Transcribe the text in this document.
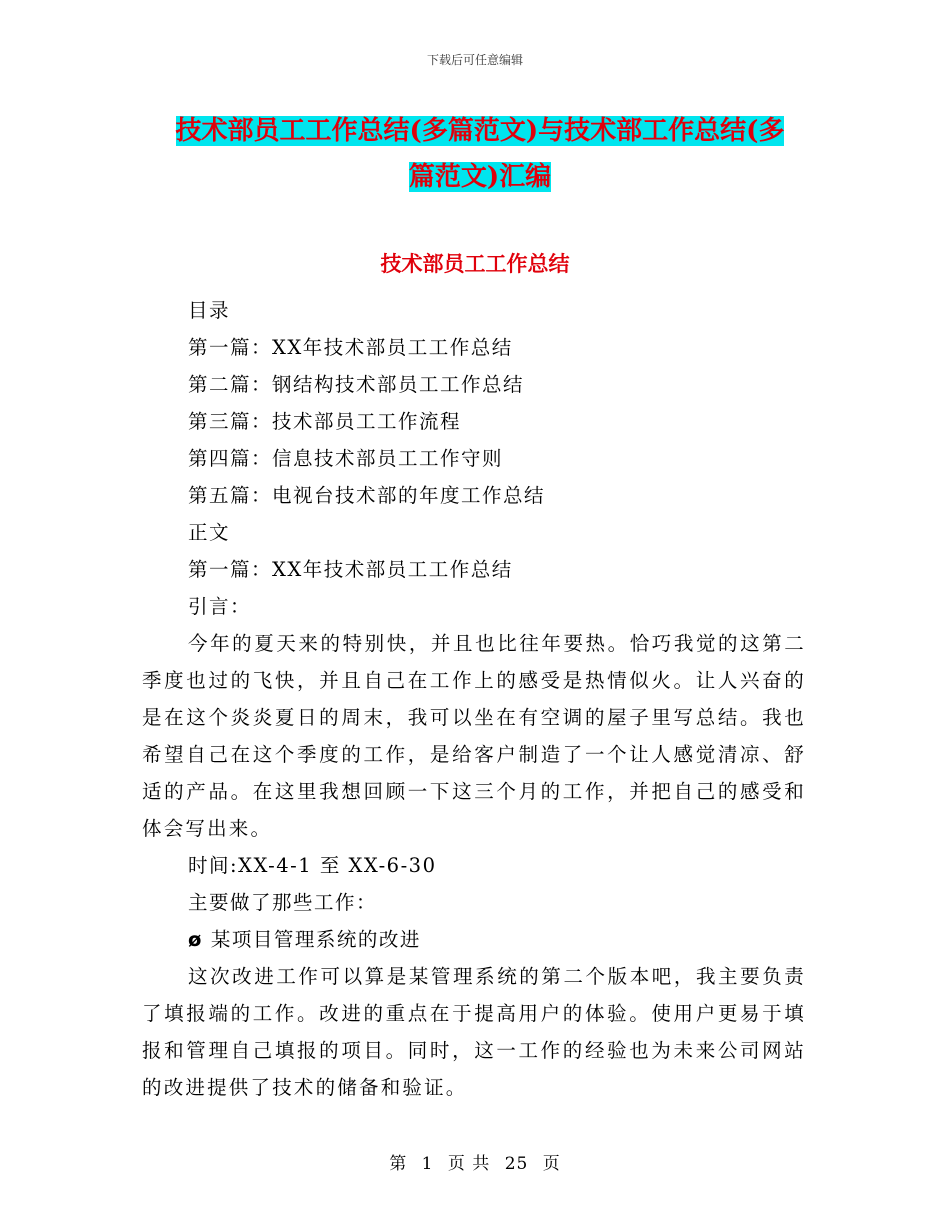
下载后可任意编辑
技术部员工工作总结(多篇范文)与技术部工作总结(多
篇范文)汇编
技术部员工工作总结

目录

第一篇：XX年技术部员工工作总结

第二篇：钢结构技术部员工工作总结

第三篇：技术部员工工作流程

第四篇：信息技术部员工工作守则

第五篇：电视台技术部的年度工作总结

正文

第一篇：XX年技术部员工工作总结

引言：

今年的夏天来的特别快，并且也比往年要热。恰巧我觉的这第二季度也过的飞快，并且自己在工作上的感受是热情似火。让人兴奋的是在这个炎炎夏日的周末，我可以坐在有空调的屋子里写总结。我也希望自己在这个季度的工作，是给客户制造了一个让人感觉清凉、舒适的产品。在这里我想回顾一下这三个月的工作，并把自己的感受和体会写出来。

时间:XX-4-1 至 XX-6-30

主要做了那些工作：

ø 某项目管理系统的改进

这次改进工作可以算是某管理系统的第二个版本吧，我主要负责了填报端的工作。改进的重点在于提高用户的体验。使用户更易于填报和管理自己填报的项目。同时，这一工作的经验也为未来公司网站的改进提供了技术的储备和验证。

第 1 页 共 25 页
